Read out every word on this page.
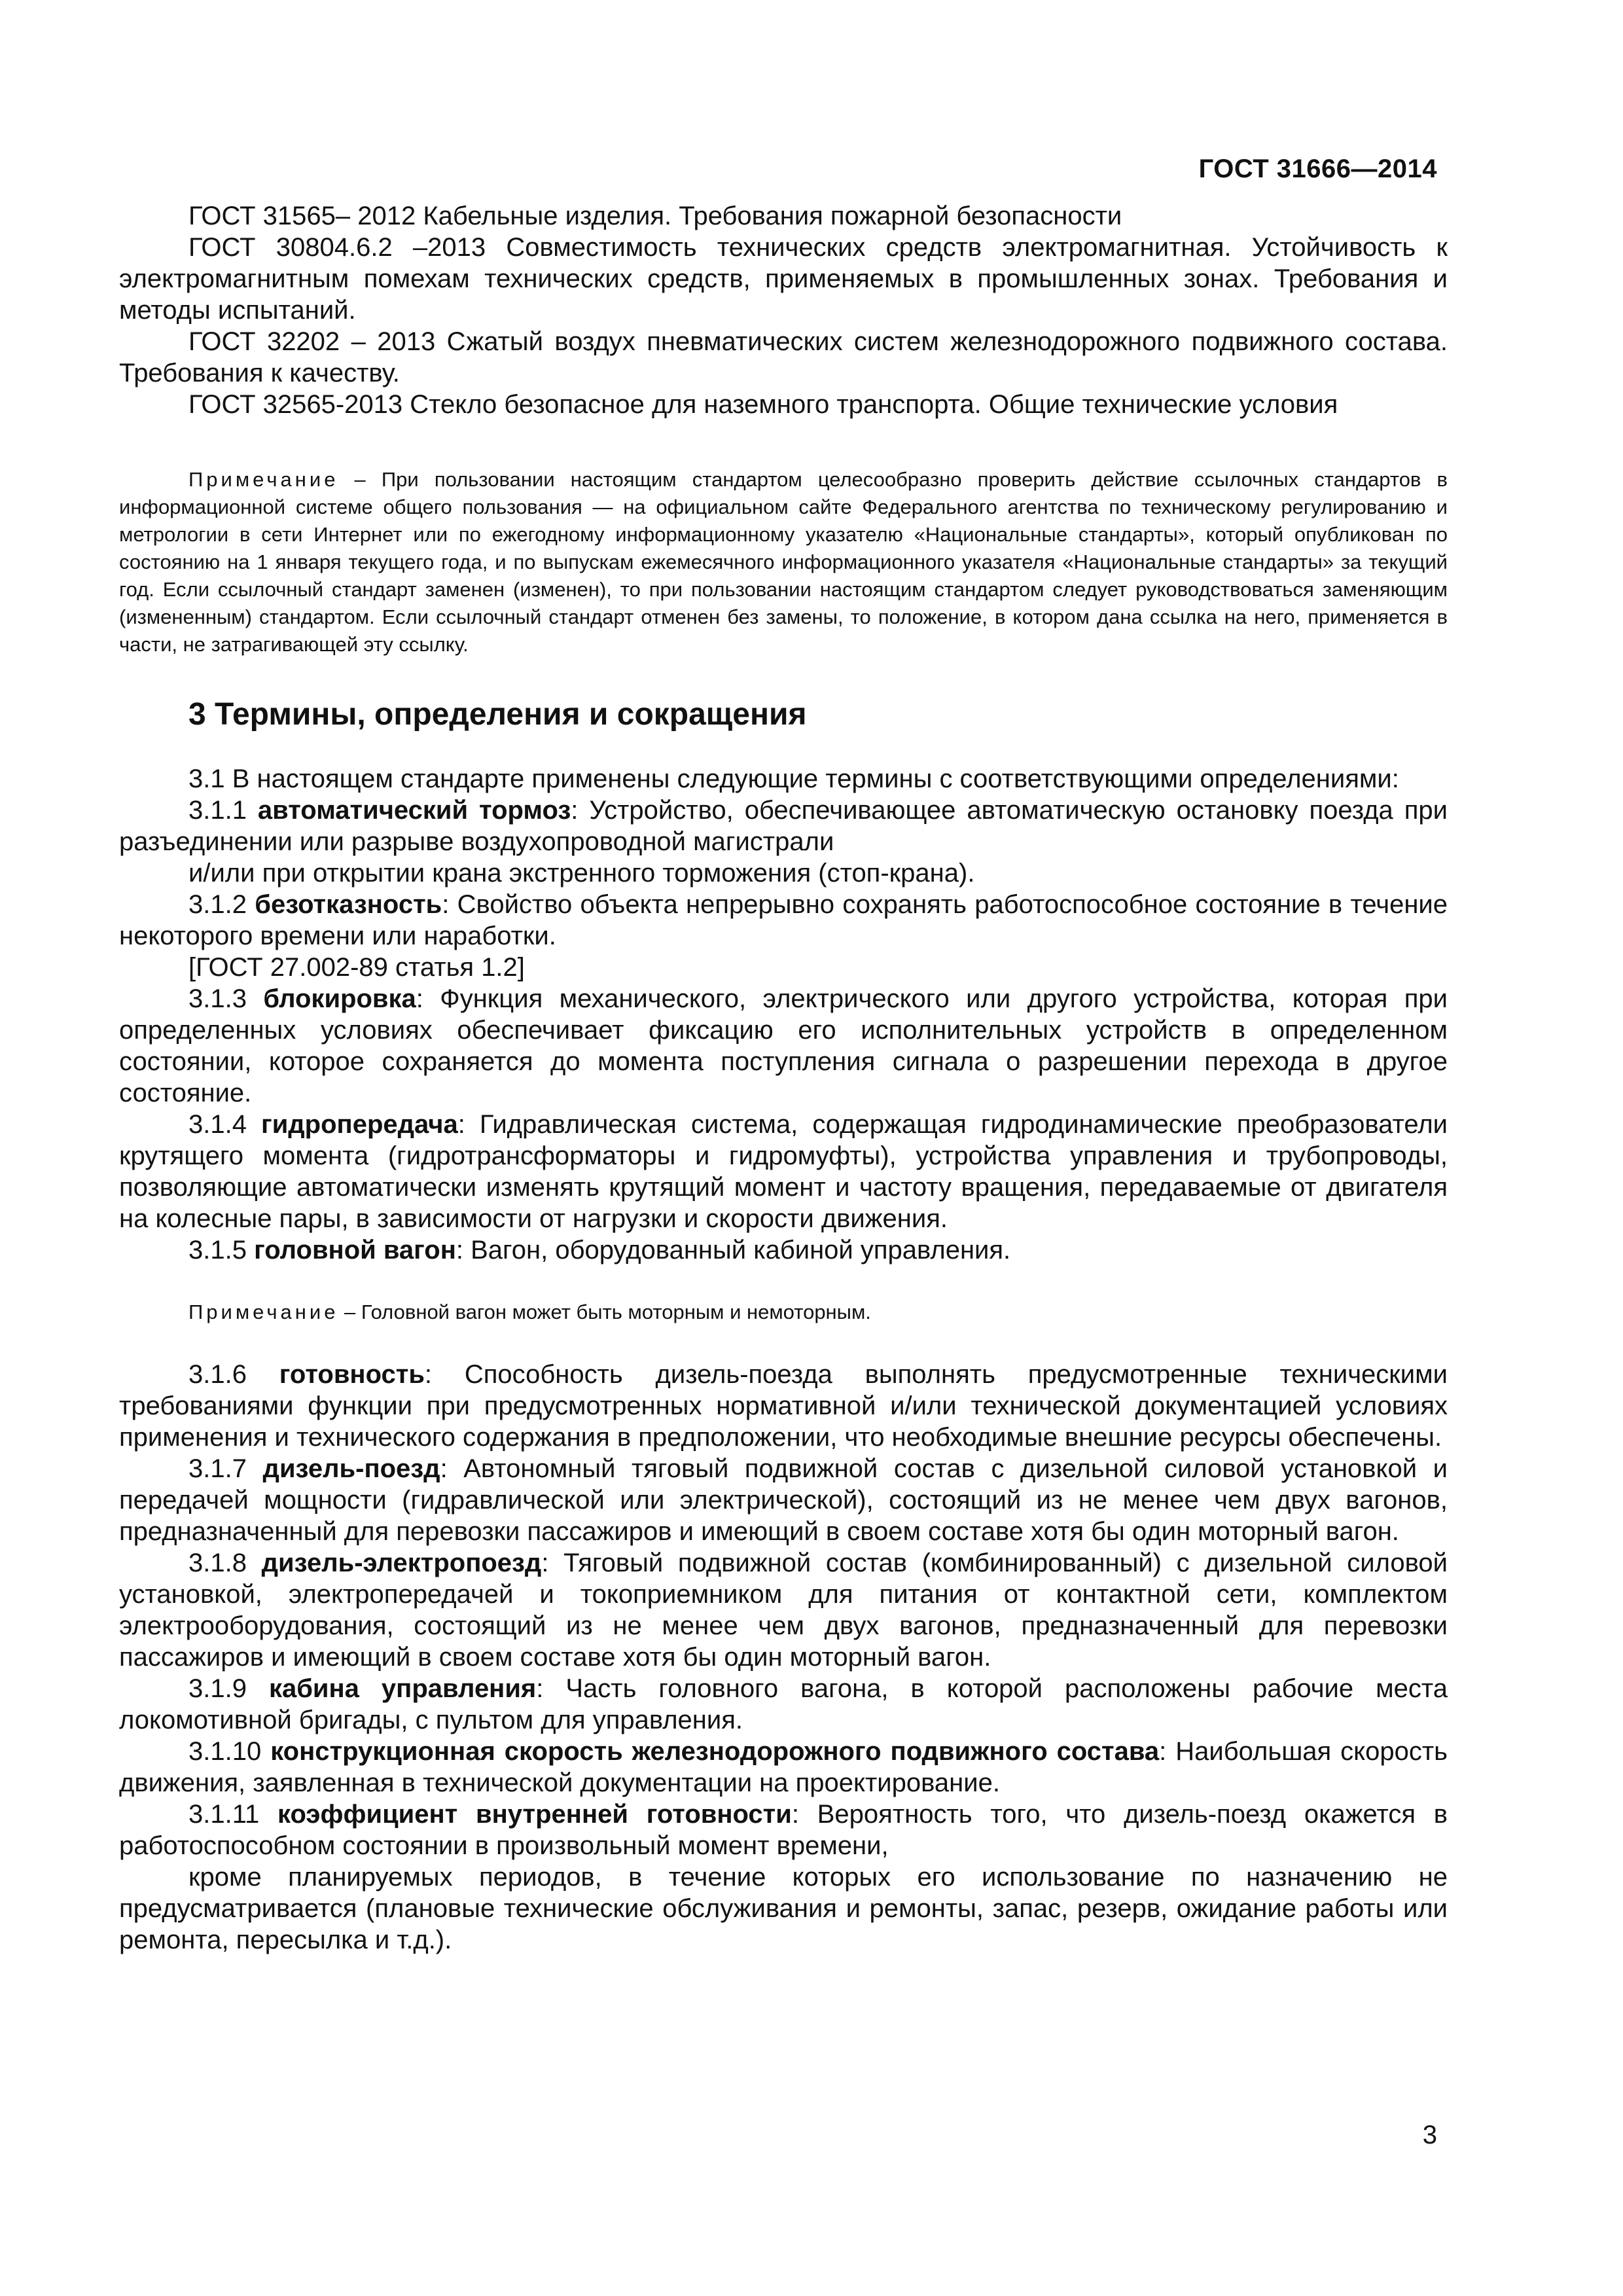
ГОСТ 31666—2014

ГОСТ 31565– 2012 Кабельные изделия. Требования пожарной безопасности

ГОСТ 30804.6.2 –2013 Совместимость технических средств электромагнитная. Устойчивость к электромагнитным помехам технических средств, применяемых в промышленных зонах. Требования и методы испытаний.

ГОСТ 32202 – 2013 Сжатый воздух пневматических систем железнодорожного подвижного состава. Требования к качеству.

ГОСТ 32565-2013 Стекло безопасное для наземного транспорта. Общие технические условия

Примечание – При пользовании настоящим стандартом целесообразно проверить действие ссылочных стандартов в информационной системе общего пользования — на официальном сайте Федерального агентства по техническому регулированию и метрологии в сети Интернет или по ежегодному информационному указателю «Национальные стандарты», который опубликован по состоянию на 1 января текущего года, и по выпускам ежемесячного информационного указателя «Национальные стандарты» за текущий год. Если ссылочный стандарт заменен (изменен), то при пользовании настоящим стандартом следует руководствоваться заменяющим (измененным) стандартом. Если ссылочный стандарт отменен без замены, то положение, в котором дана ссылка на него, применяется в части, не затрагивающей эту ссылку.

3 Термины, определения и сокращения

3.1 В настоящем стандарте применены следующие термины с соответствующими определениями:

3.1.1 автоматический тормоз: Устройство, обеспечивающее автоматическую остановку поезда при разъединении или разрыве воздухопроводной магистрали

и/или при открытии крана экстренного торможения (стоп-крана).

3.1.2 безотказность: Свойство объекта непрерывно сохранять работоспособное состояние в течение некоторого времени или наработки.

[ГОСТ 27.002-89 статья 1.2]

3.1.3 блокировка: Функция механического, электрического или другого устройства, которая при определенных условиях обеспечивает фиксацию его исполнительных устройств в определенном состоянии, которое сохраняется до момента поступления сигнала о разрешении перехода в другое состояние.

3.1.4 гидропередача: Гидравлическая система, содержащая гидродинамические преобразователи крутящего момента (гидротрансформаторы и гидромуфты), устройства управления и трубопроводы, позволяющие автоматически изменять крутящий момент и частоту вращения, передаваемые от двигателя на колесные пары, в зависимости от нагрузки и скорости движения.

3.1.5 головной вагон: Вагон, оборудованный кабиной управления.

Примечание – Головной вагон может быть моторным и немоторным.

3.1.6 готовность: Способность дизель-поезда выполнять предусмотренные техническими требованиями функции при предусмотренных нормативной и/или технической документацией условиях применения и технического содержания в предположении, что необходимые внешние ресурсы обеспечены.

3.1.7 дизель-поезд: Автономный тяговый подвижной состав с дизельной силовой установкой и передачей мощности (гидравлической или электрической), состоящий из не менее чем двух вагонов, предназначенный для перевозки пассажиров и имеющий в своем составе хотя бы один моторный вагон.

3.1.8 дизель-электропоезд: Тяговый подвижной состав (комбинированный) с дизельной силовой установкой, электропередачей и токоприемником для питания от контактной сети, комплектом электрооборудования, состоящий из не менее чем двух вагонов, предназначенный для перевозки пассажиров и имеющий в своем составе хотя бы один моторный вагон.

3.1.9 кабина управления: Часть головного вагона, в которой расположены рабочие места локомотивной бригады, с пультом для управления.

3.1.10 конструкционная скорость железнодорожного подвижного состава: Наибольшая скорость движения, заявленная в технической документации на проектирование.

3.1.11 коэффициент внутренней готовности: Вероятность того, что дизель-поезд окажется в работоспособном состоянии в произвольный момент времени,

кроме планируемых периодов, в течение которых его использование по назначению не предусматривается (плановые технические обслуживания и ремонты, запас, резерв, ожидание работы или ремонта, пересылка и т.д.).

3
